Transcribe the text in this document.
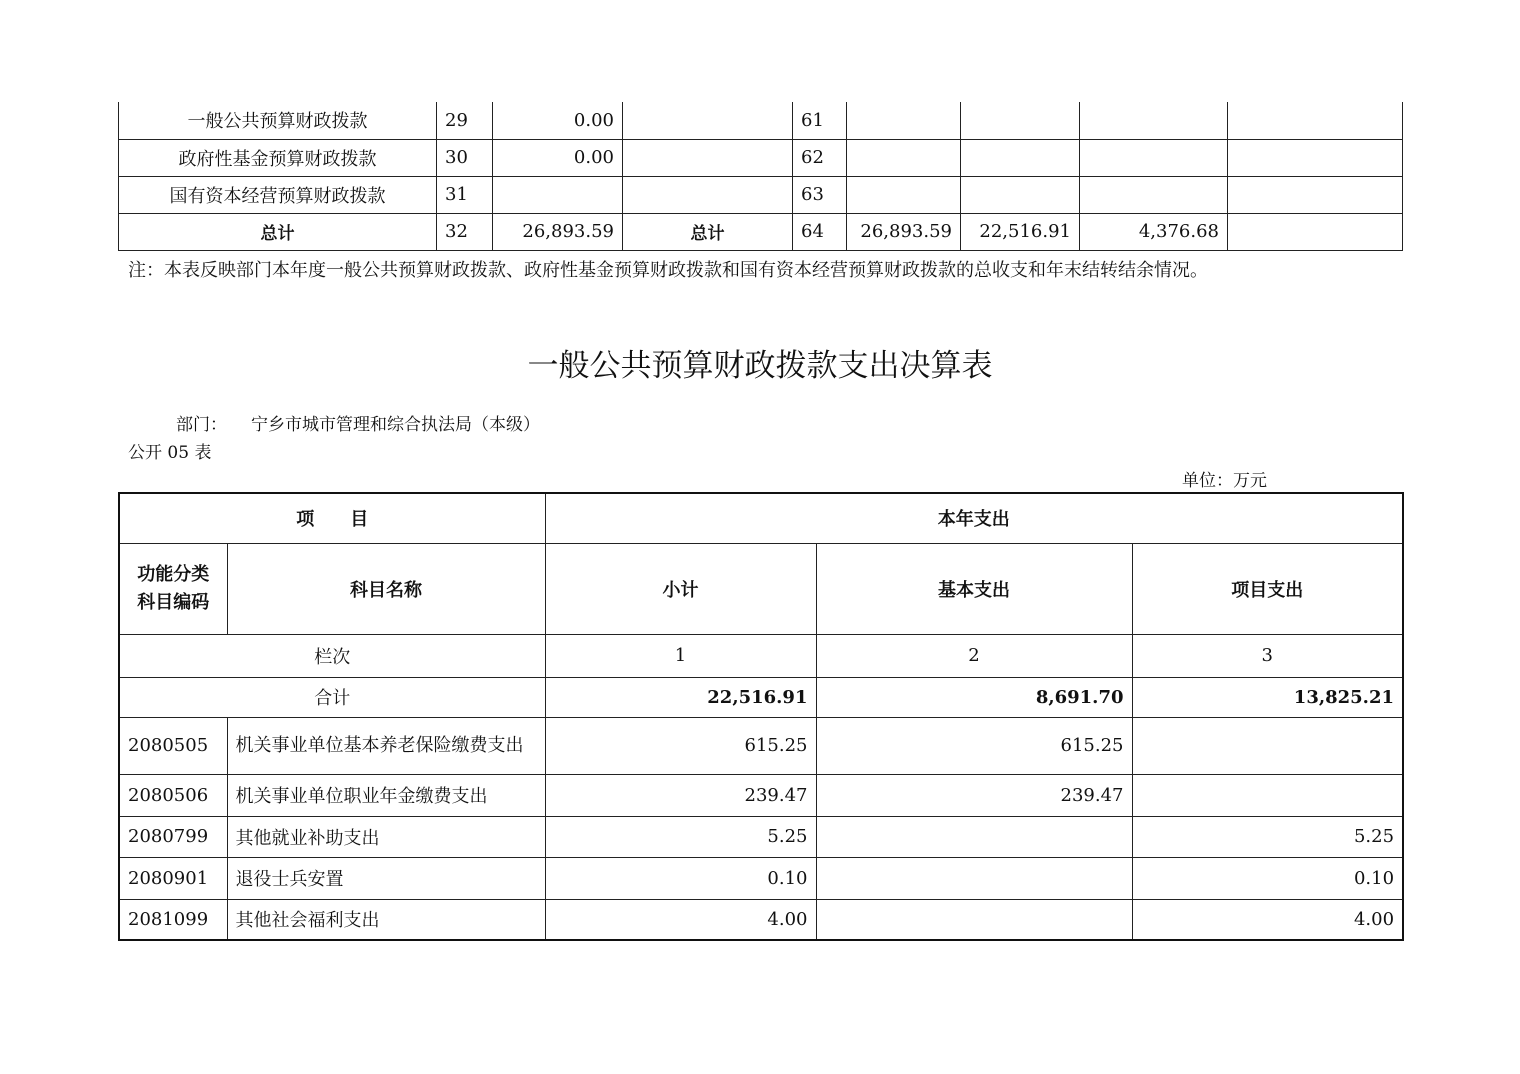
一般公共预算财政拨款	29	0.00		61				
政府性基金预算财政拨款	30	0.00		62				
国有资本经营预算财政拨款	31			63				
总计	32	26,893.59	总计	64	26,893.59	22,516.91	4,376.68	
注：本表反映部门本年度一般公共预算财政拨款、政府性基金预算财政拨款和国有资本经营预算财政拨款的总收支和年末结转结余情况。
一般公共预算财政拨款支出决算表
部门： 宁乡市城市管理和综合执法局（本级）
公开 05 表
单位：万元
项　　目		本年支出		
功能分类科目编码	科目名称	小计	基本支出	项目支出
栏次		1	2	3
合计		22,516.91	8,691.70	13,825.21
2080505	机关事业单位基本养老保险缴费支出	615.25	615.25	
2080506	机关事业单位职业年金缴费支出	239.47	239.47	
2080799	其他就业补助支出	5.25		5.25
2080901	退役士兵安置	0.10		0.10
2081099	其他社会福利支出	4.00		4.00
